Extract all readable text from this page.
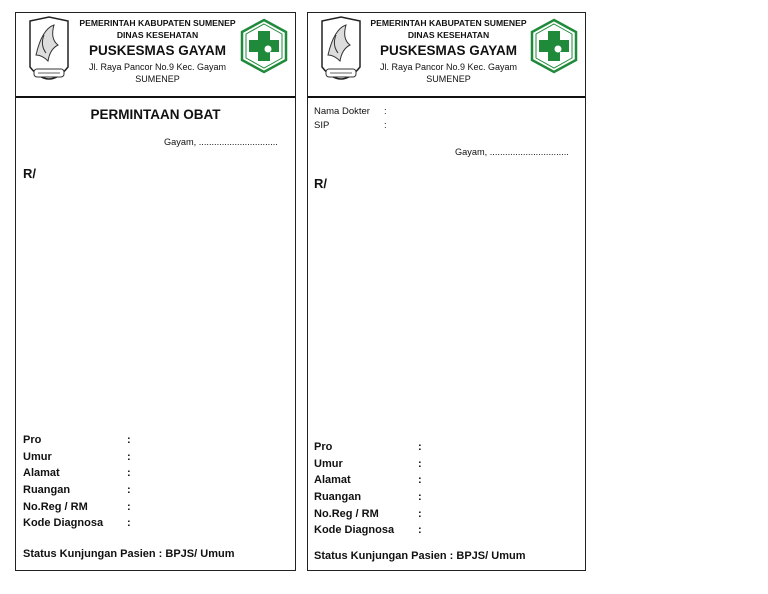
PEMERINTAH KABUPATEN SUMENEP
DINAS KESEHATAN
PUSKESMAS GAYAM
Jl. Raya Pancor No.9 Kec. Gayam
SUMENEP
PERMINTAAN OBAT
Gayam, ...............................
R/
Pro	:
Umur	:
Alamat	:
Ruangan	:
No.Reg / RM	:
Kode Diagnosa :
Status Kunjungan Pasien : BPJS/ Umum
PEMERINTAH KABUPATEN SUMENEP
DINAS KESEHATAN
PUSKESMAS GAYAM
Jl. Raya Pancor No.9 Kec. Gayam
SUMENEP
Nama Dokter :
SIP	:
Gayam, ...............................
R/
Pro	:
Umur	:
Alamat	:
Ruangan	:
No.Reg / RM	:
Kode Diagnosa :
Status Kunjungan Pasien : BPJS/ Umum
